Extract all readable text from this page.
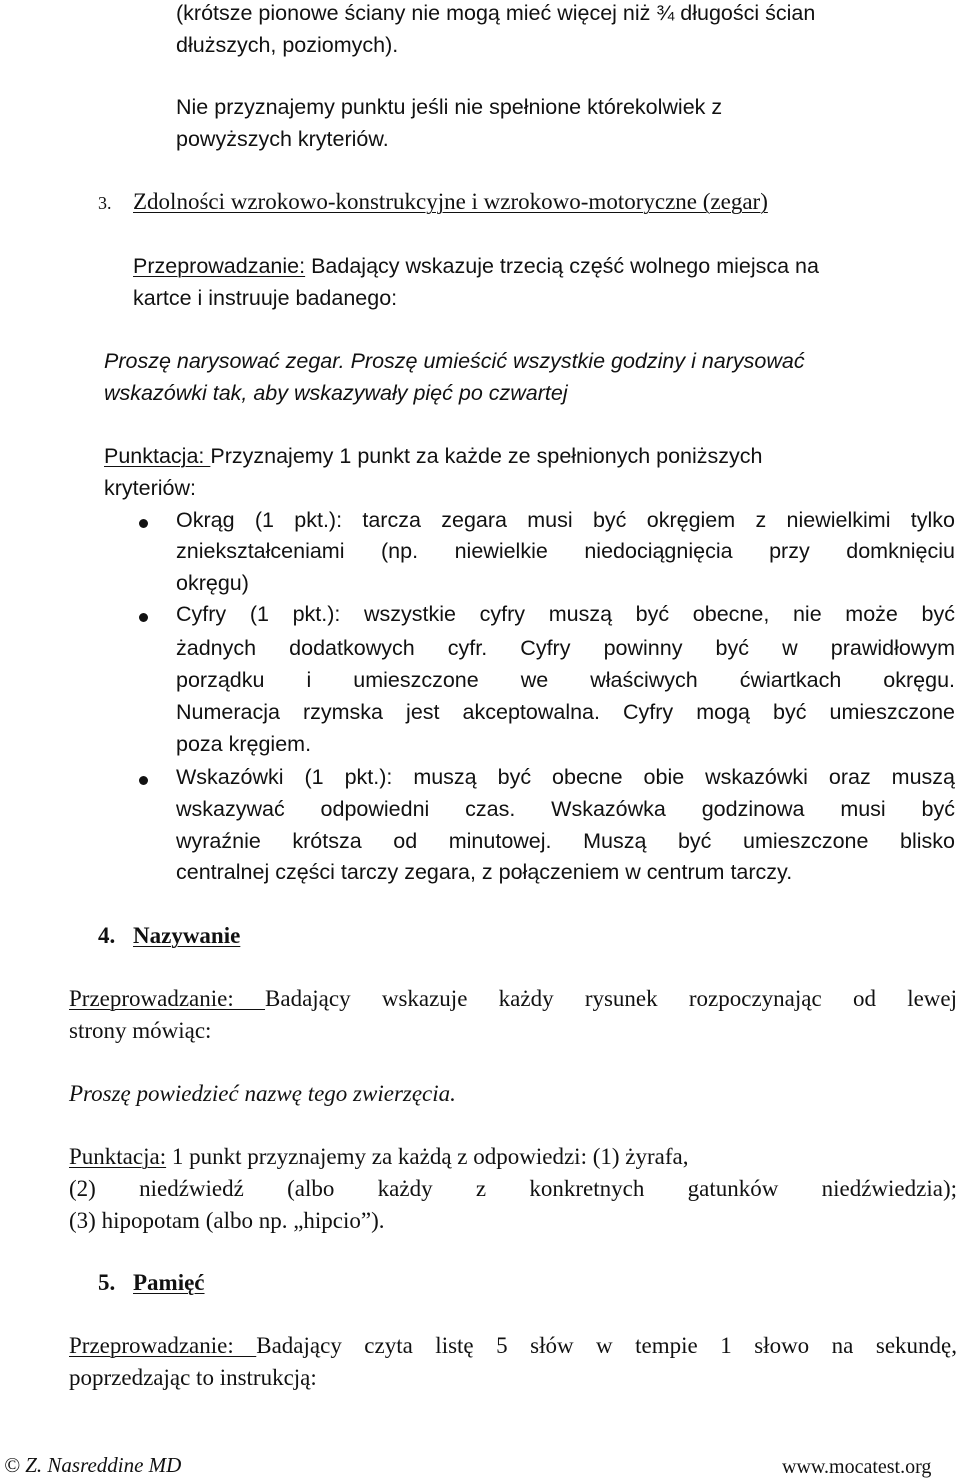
(krótsze pionowe ściany nie mogą mieć więcej niż ¾ długości ścian
dłuższych, poziomych).
Nie przyznajemy punktu jeśli nie spełnione którekolwiek z
powyższych kryteriów.
3. Zdolności wzrokowo-konstrukcyjne i wzrokowo-motoryczne (zegar)
Przeprowadzanie: Badający wskazuje trzecią część wolnego miejsca na
kartce i instruuje badanego:
Proszę narysować zegar. Proszę umieścić wszystkie godziny i narysować
wskazówki tak, aby wskazywały pięć po czwartej
Punktacja: Przyznajemy 1 punkt za każde ze spełnionych poniższych
kryteriów:
Okrąg (1 pkt.): tarcza zegara musi być okręgiem z niewielkimi tylko
zniekształceniami (np. niewielkie niedociągnięcia przy domknięciu
okręgu)
Cyfry (1 pkt.): wszystkie cyfry muszą być obecne, nie może być
żadnych dodatkowych cyfr. Cyfry powinny być w prawidłowym
porządku i umieszczone we właściwych ćwiartkach okręgu.
Numeracja rzymska jest akceptowalna. Cyfry mogą być umieszczone
poza kręgiem.
Wskazówki (1 pkt.): muszą być obecne obie wskazówki oraz muszą
wskazywać odpowiedni czas. Wskazówka godzinowa musi być
wyraźnie krótsza od minutowej. Muszą być umieszczone blisko
centralnej części tarczy zegara, z połączeniem w centrum tarczy.
4. Nazywanie
Przeprowadzanie: Badający wskazuje każdy rysunek rozpoczynając od lewej
strony mówiąc:
Proszę powiedzieć nazwę tego zwierzęcia.
Punktacja: 1 punkt przyznajemy za każdą z odpowiedzi: (1) żyrafa,
(2) niedźwiedź (albo każdy z konkretnych gatunków niedźwiedzia);
(3) hipopotam (albo np. „hipcio”).
5. Pamięć
Przeprowadzanie: Badający czyta listę 5 słów w tempie 1 słowo na sekundę,
poprzedzając to instrukcją:
© Z. Nasreddine MD	www.mocatest.org
